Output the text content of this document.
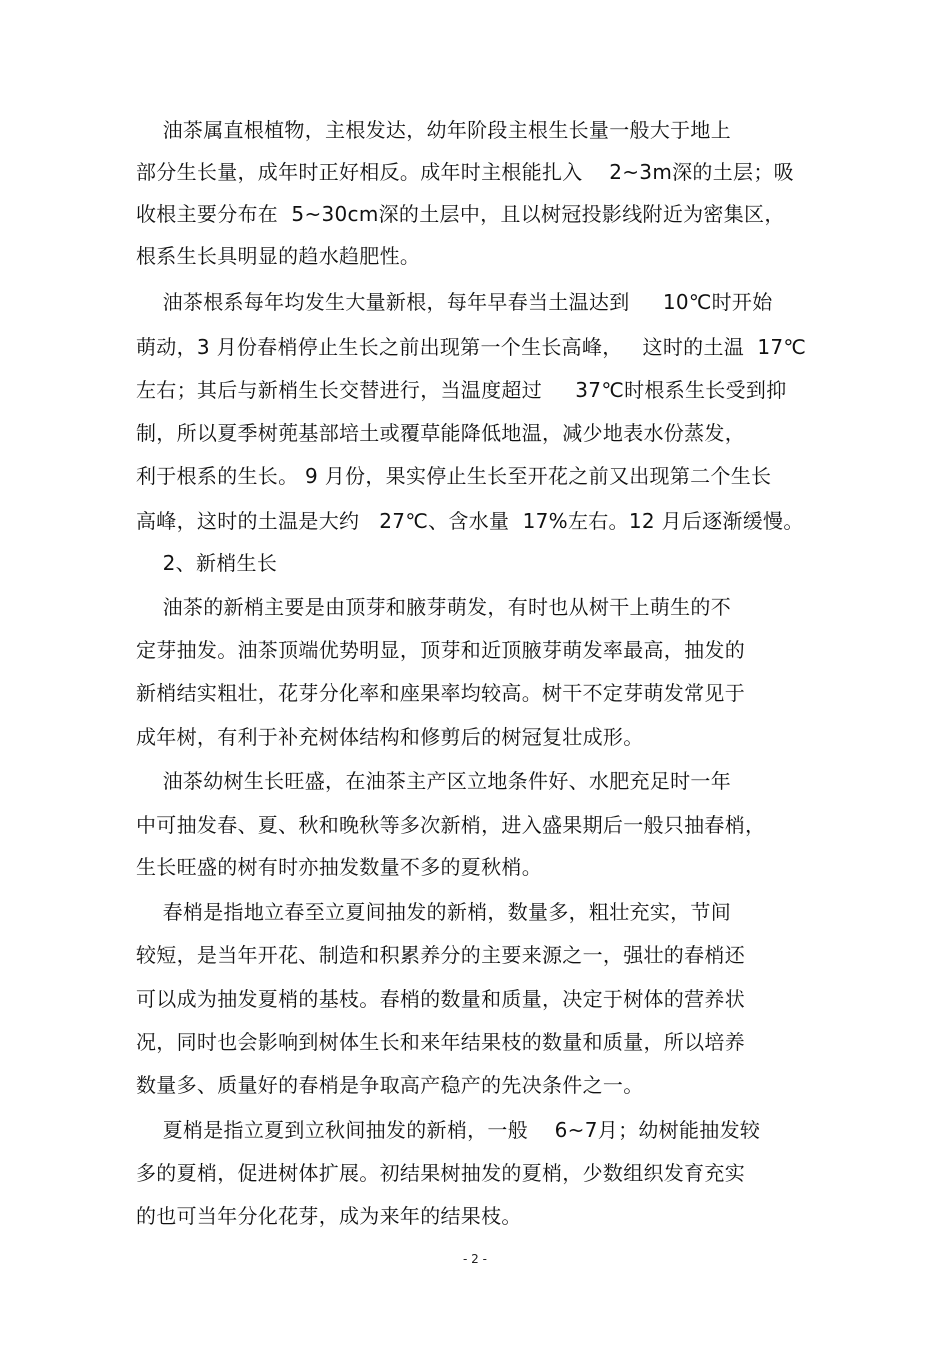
油茶属直根植物，主根发达，幼年阶段主根生长量一般大于地上
部分生长量，成年时正好相反。成年时主根能扎入    2~3m深的土层；吸
收根主要分布在  5~30cm深的土层中，且以树冠投影线附近为密集区，
根系生长具明显的趋水趋肥性。
油茶根系每年均发生大量新根，每年早春当土温达到     10℃时开始
萌动，3 月份春梢停止生长之前出现第一个生长高峰，   这时的土温  17℃
左右；其后与新梢生长交替进行，当温度超过     37℃时根系生长受到抑
制，所以夏季树蔸基部培土或覆草能降低地温，减少地表水份蒸发，
利于根系的生长。 9 月份，果实停止生长至开花之前又出现第二个生长
高峰，这时的土温是大约   27℃、含水量  17%左右。12 月后逐渐缓慢。
2、新梢生长
油茶的新梢主要是由顶芽和腋芽萌发，有时也从树干上萌生的不
定芽抽发。油茶顶端优势明显，顶芽和近顶腋芽萌发率最高，抽发的
新梢结实粗壮，花芽分化率和座果率均较高。树干不定芽萌发常见于
成年树，有利于补充树体结构和修剪后的树冠复壮成形。
油茶幼树生长旺盛，在油茶主产区立地条件好、水肥充足时一年
中可抽发春、夏、秋和晚秋等多次新梢，进入盛果期后一般只抽春梢，
生长旺盛的树有时亦抽发数量不多的夏秋梢。
春梢是指地立春至立夏间抽发的新梢，数量多，粗壮充实，节间
较短，是当年开花、制造和积累养分的主要来源之一，强壮的春梢还
可以成为抽发夏梢的基枝。春梢的数量和质量，决定于树体的营养状
况，同时也会影响到树体生长和来年结果枝的数量和质量，所以培养
数量多、质量好的春梢是争取高产稳产的先决条件之一。
夏梢是指立夏到立秋间抽发的新梢，一般    6~7月；幼树能抽发较
多的夏梢，促进树体扩展。初结果树抽发的夏梢，少数组织发育充实
的也可当年分化花芽，成为来年的结果枝。
- 2 -
